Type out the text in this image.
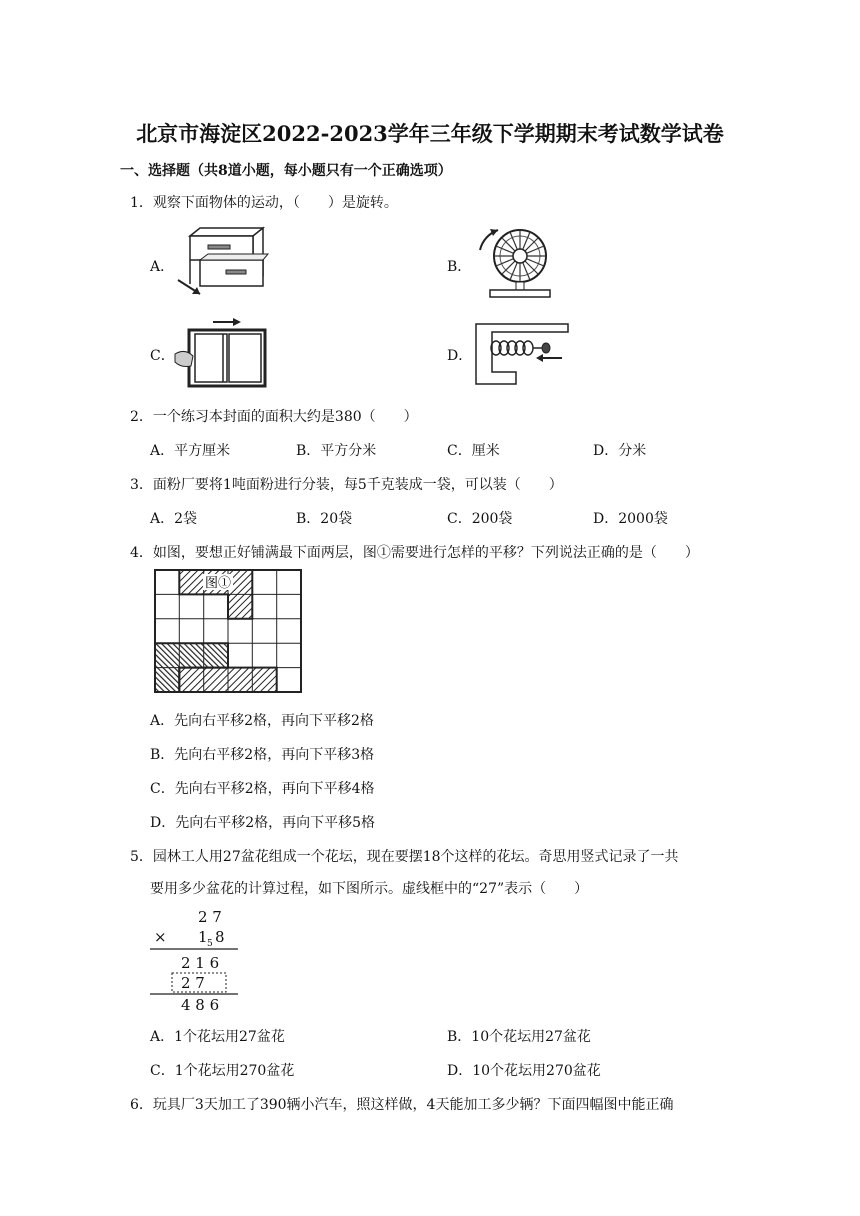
北京市海淀区2022-2023学年三年级下学期期末考试数学试卷
一、选择题（共8道小题，每小题只有一个正确选项）
1．观察下面物体的运动，（　　）是旋转。
A．	B．
C．	D．
2．一个练习本封面的面积大约是380（　　）
A．平方厘米	B．平方分米	C．厘米	D．分米
3．面粉厂要将1吨面粉进行分装，每5千克装成一袋，可以装（　　）
A．2袋	B．20袋	C．200袋	D．2000袋
4．如图，要想正好铺满最下面两层，图①需要进行怎样的平移？下列说法正确的是（　　）
图①
A．先向右平移2格，再向下平移2格
B．先向右平移2格，再向下平移3格
C．先向右平移2格，再向下平移4格
D．先向右平移2格，再向下平移5格
5．园林工人用27盆花组成一个花坛，现在要摆18个这样的花坛。奇思用竖式记录了一共
要用多少盆花的计算过程，如下图所示。虚线框中的“27”表示（　　）
2 7
× 1 5 8
2 1 6
2 7
4 8 6
A．1个花坛用27盆花	B．10个花坛用27盆花
C．1个花坛用270盆花	D．10个花坛用270盆花
6．玩具厂3天加工了390辆小汽车，照这样做，4天能加工多少辆？下面四幅图中能正确
